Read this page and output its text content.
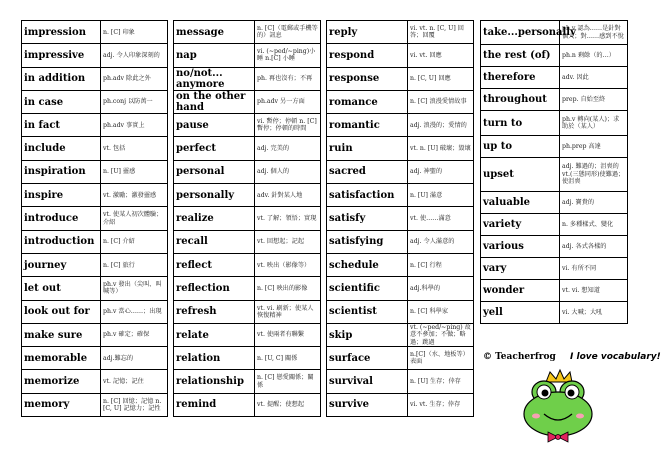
impression	n. [C] 印象
impressive	adj. 令人印象深刻的
in addition	ph.adv 除此之外
in case	ph.conj 以防萬一
in fact	ph.adv 事實上
include	vt. 包括
inspiration	n. [U] 靈感
inspire	vt. 激勵；激發靈感
introduce	vt. 使某人初次體驗；介紹
introduction	n. [C] 介紹
journey	n. [C] 旅行
let out	ph.v 發出（尖叫、叫喊等）
look out for	ph.v 當心……；出現
make sure	ph.v 確定；確保
memorable	adj.難忘的
memorize	vt. 記憶；記住
memory	n. [C] 回憶；記憶 n. [C, U] 記憶力；記性
message	n. [C]（電郵或手機等的）訊息
nap	vi. (~ped/~ping)小睡 n.[C] 小睡
no/not... anymore	ph. 再也沒有；不再
on the other hand	ph.adv 另一方面
pause	vi. 暫停；停頓 n. [C] 暫停；停頓的時間
perfect	adj. 完美的
personal	adj. 個人的
personally	adv. 針對某人地
realize	vt. 了解；領悟；實現
recall	vt. 回想起；記起
reflect	vt. 映出（影像等）
reflection	n. [C] 映出的影像
refresh	vt. vi. 刷新；使某人恢復精神
relate	vt. 使兩者有聯繫
relation	n. [U, C] 關係
relationship	n. [C] 戀愛關係；關係
remind	vt. 提醒；使想起
reply	vi. vt. n. [C, U] 回答；回覆
respond	vi. vt. 回應
response	n. [C, U] 回應
romance	n. [C] 浪漫愛情故事
romantic	adj. 浪漫的；愛情的
ruin	vt. n. [U] 破壞；毀壞
sacred	adj. 神聖的
satisfaction	n. [U] 滿意
satisfy	vt. 使……滿意
satisfying	adj. 令人滿意的
schedule	n. [C] 行程
scientific	adj.科學的
scientist	n. [C] 科學家
skip	vt. (~ped/~ping) 故意不參加；不做；略過；跳過
surface	n.[C]（水、地板等）表面
survival	n. [U] 生存；倖存
survive	vi. vt. 生存；倖存
take...personally	ph.v 認為……是針對個人；對……感到不悅
the rest (of)	ph.n 剩餘（的…）
therefore	adv. 因此
throughout	prep. 自始至終
turn to	ph.v 轉向(某人)；求助於（某人）
up to	ph.prep 高達
upset	adj. 難過的；沮喪的 vt.(三態同形)使難過；使沮喪
valuable	adj. 寶貴的
variety	n. 多種樣式、變化
various	adj. 各式各樣的
vary	vi. 有所不同
wonder	vt. vi. 想知道
yell	vi. 大喊；大吼
© Teacherfrog I love vocabulary!
